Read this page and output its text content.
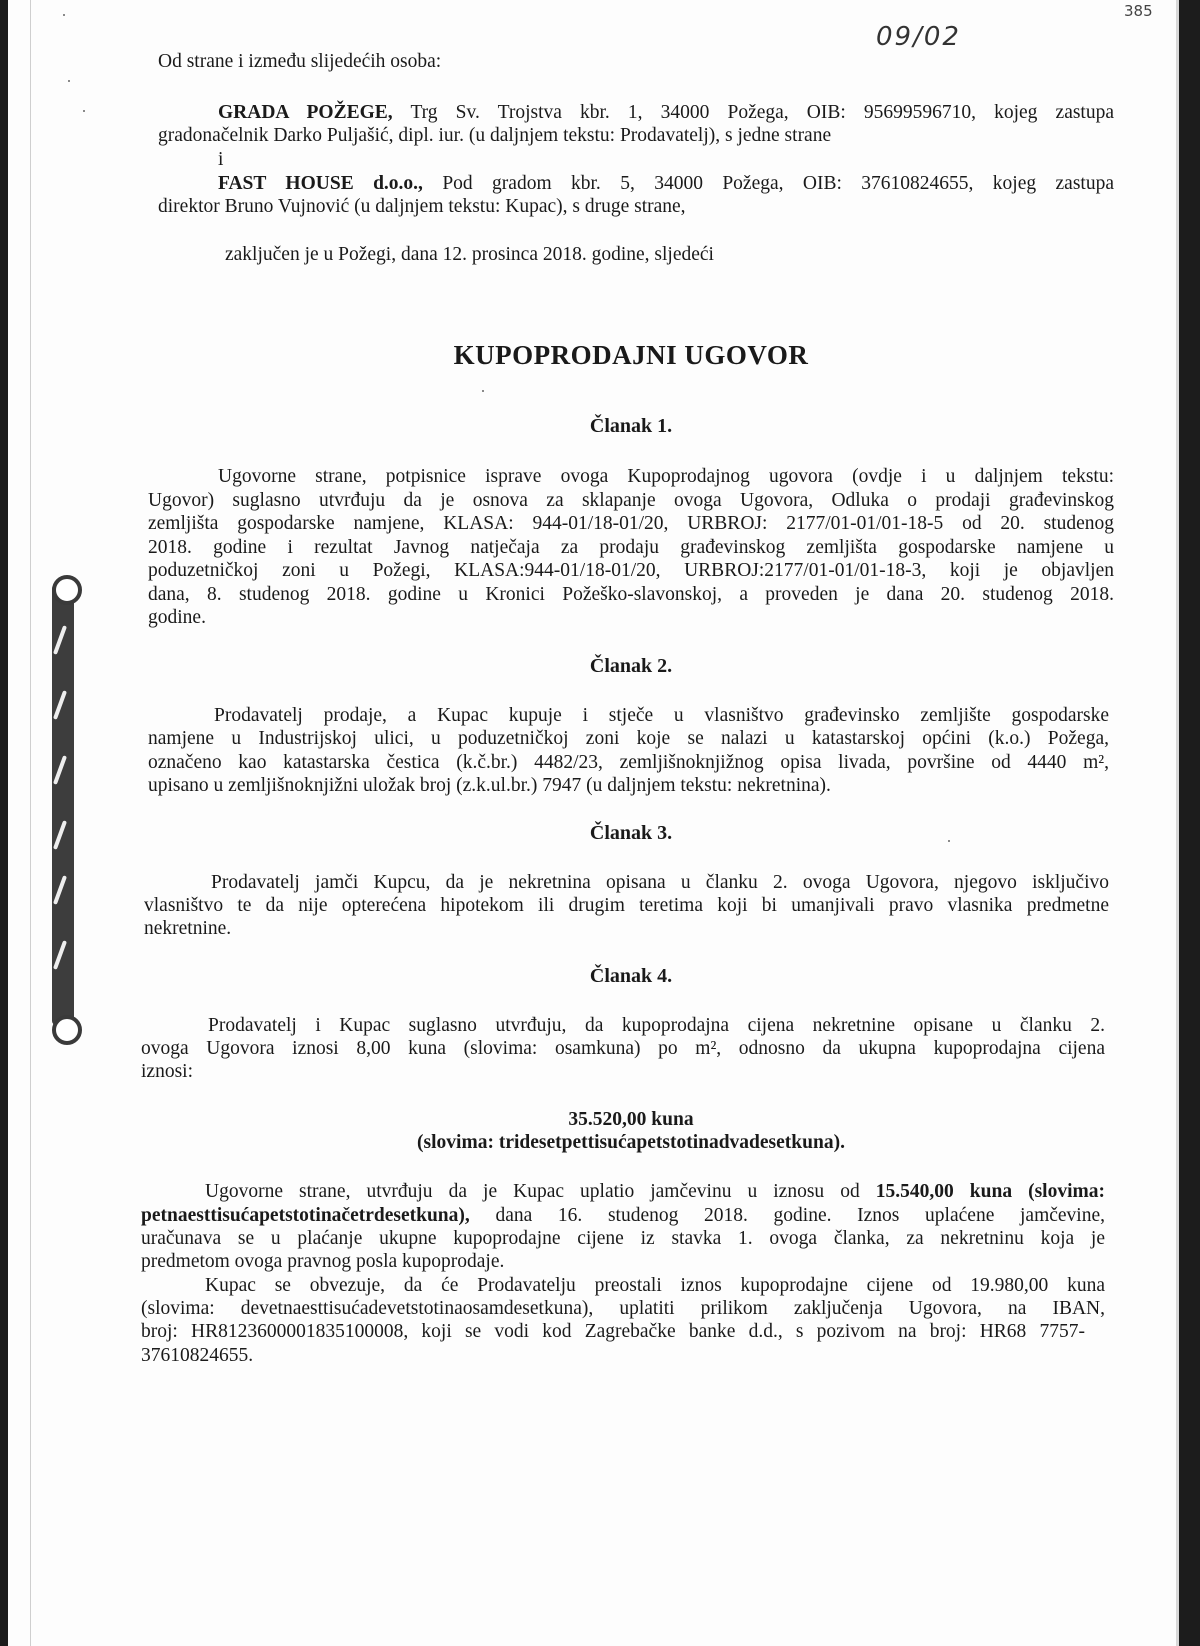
385
09/02
Od strane i između slijedećih osoba:
GRADA POŽEGE, Trg Sv. Trojstva kbr. 1, 34000 Požega, OIB: 95699596710, kojeg zastupa
gradonačelnik Darko Puljašić, dipl. iur. (u daljnjem tekstu: Prodavatelj), s jedne strane
i
FAST HOUSE d.o.o., Pod gradom kbr. 5, 34000 Požega, OIB: 37610824655, kojeg zastupa
direktor Bruno Vujnović (u daljnjem tekstu: Kupac), s druge strane,
zaključen je u Požegi, dana 12. prosinca 2018. godine, sljedeći
KUPOPRODAJNI UGOVOR
Članak 1.
Ugovorne strane, potpisnice isprave ovoga Kupoprodajnog ugovora (ovdje i u daljnjem tekstu:
Ugovor) suglasno utvrđuju da je osnova za sklapanje ovoga Ugovora, Odluka o prodaji građevinskog
zemljišta gospodarske namjene, KLASA: 944-01/18-01/20, URBROJ: 2177/01-01/01-18-5 od 20. studenog
2018. godine i rezultat Javnog natječaja za prodaju građevinskog zemljišta gospodarske namjene u
poduzetničkoj zoni u Požegi, KLASA:944-01/18-01/20, URBROJ:2177/01-01/01-18-3, koji je objavljen
dana, 8. studenog 2018. godine u Kronici Požeško-slavonskoj, a proveden je dana 20. studenog 2018.
godine.
Članak 2.
Prodavatelj prodaje, a Kupac kupuje i stječe u vlasništvo građevinsko zemljište gospodarske
namjene u Industrijskoj ulici, u poduzetničkoj zoni koje se nalazi u katastarskoj općini (k.o.) Požega,
označeno kao katastarska čestica (k.č.br.) 4482/23, zemljišnoknjižnog opisa livada, površine od 4440 m²,
upisano u zemljišnoknjižni uložak broj (z.k.ul.br.) 7947 (u daljnjem tekstu: nekretnina).
Članak 3.
Prodavatelj jamči Kupcu, da je nekretnina opisana u članku 2. ovoga Ugovora, njegovo isključivo
vlasništvo te da nije opterećena hipotekom ili drugim teretima koji bi umanjivali pravo vlasnika predmetne
nekretnine.
Članak 4.
Prodavatelj i Kupac suglasno utvrđuju, da kupoprodajna cijena nekretnine opisane u članku 2.
ovoga Ugovora iznosi 8,00 kuna (slovima: osamkuna) po m², odnosno da ukupna kupoprodajna cijena
iznosi:
35.520,00 kuna
(slovima: tridesetpettisućapetstotinadvadesetkuna).
Ugovorne strane, utvrđuju da je Kupac uplatio jamčevinu u iznosu od 15.540,00 kuna (slovima:
petnaesttisućapetstotinačetrdesetkuna), dana 16. studenog 2018. godine. Iznos uplaćene jamčevine,
uračunava se u plaćanje ukupne kupoprodajne cijene iz stavka 1. ovoga članka, za nekretninu koja je
predmetom ovoga pravnog posla kupoprodaje.
Kupac se obvezuje, da će Prodavatelju preostali iznos kupoprodajne cijene od 19.980,00 kuna
(slovima: devetnaesttisućadevetstotinaosamdesetkuna), uplatiti prilikom zaključenja Ugovora, na IBAN,
broj: HR8123600001835100008, koji se vodi kod Zagrebačke banke d.d., s pozivom na broj: HR68 7757-
37610824655.
